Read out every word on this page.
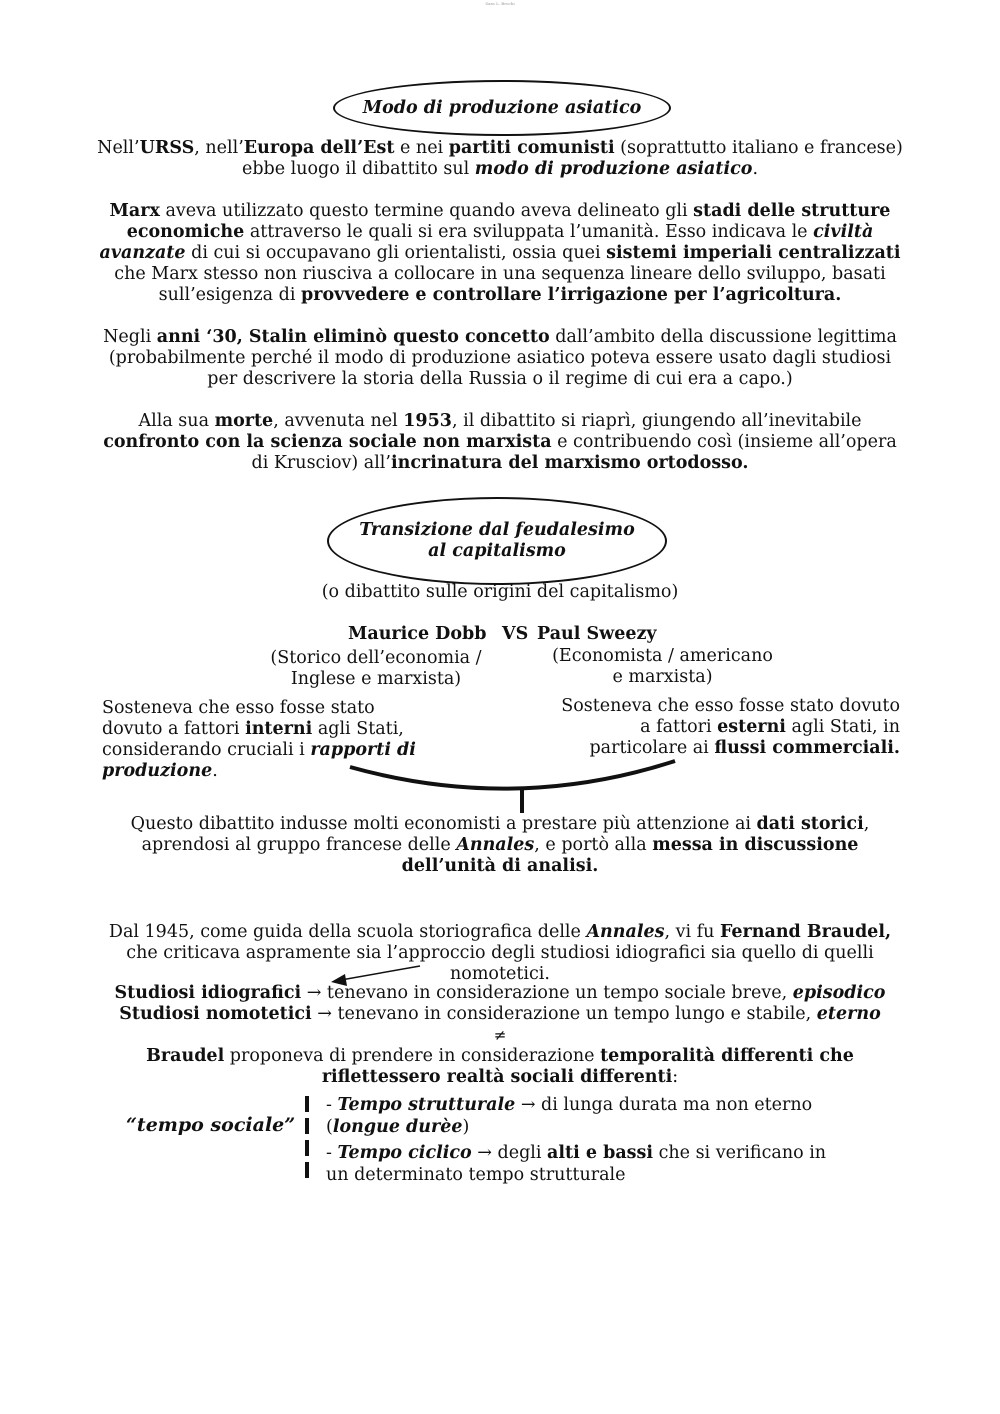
Sara L. Brochi
Modo di produzione asiatico
Nell’URSS, nell’Europa dell’Est e nei partiti comunisti (soprattutto italiano e francese) ebbe luogo il dibattito sul modo di produzione asiatico.
Marx aveva utilizzato questo termine quando aveva delineato gli stadi delle strutture economiche attraverso le quali si era sviluppata l’umanità. Esso indicava le civiltà avanzate di cui si occupavano gli orientalisti, ossia quei sistemi imperiali centralizzati che Marx stesso non riusciva a collocare in una sequenza lineare dello sviluppo, basati sull’esigenza di provvedere e controllare l’irrigazione per l’agricoltura.
Negli anni ‘30, Stalin eliminò questo concetto dall’ambito della discussione legittima (probabilmente perché il modo di produzione asiatico poteva essere usato dagli studiosi per descrivere la storia della Russia o il regime di cui era a capo.)
Alla sua morte, avvenuta nel 1953, il dibattito si riaprì, giungendo all’inevitabile confronto con la scienza sociale non marxista e contribuendo così (insieme all’opera di Krusciov) all’incrinatura del marxismo ortodosso.
Transizione dal feudalesimo
al capitalismo
(o dibattito sulle origini del capitalismo)
Maurice Dobb VS Paul Sweezy
(Storico dell’economia / Inglese e marxista)
(Economista / americano e marxista)
Sosteneva che esso fosse stato dovuto a fattori interni agli Stati, considerando cruciali i rapporti di produzione.
Sosteneva che esso fosse stato dovuto a fattori esterni agli Stati, in particolare ai flussi commerciali.
Questo dibattito indusse molti economisti a prestare più attenzione ai dati storici, aprendosi al gruppo francese delle Annales, e portò alla messa in discussione dell’unità di analisi.
Dal 1945, come guida della scuola storiografica delle Annales, vi fu Fernand Braudel, che criticava aspramente sia l’approccio degli studiosi idiografici sia quello di quelli nomotetici.
Studiosi idiografici → tenevano in considerazione un tempo sociale breve, episodico
Studiosi nomotetici → tenevano in considerazione un tempo lungo e stabile, eterno
≠
Braudel proponeva di prendere in considerazione temporalità differenti che riflettessero realtà sociali differenti:
“tempo sociale”
- Tempo strutturale → di lunga durata ma non eterno (longue durèe)
- Tempo ciclico → degli alti e bassi che si verificano in un determinato tempo strutturale
